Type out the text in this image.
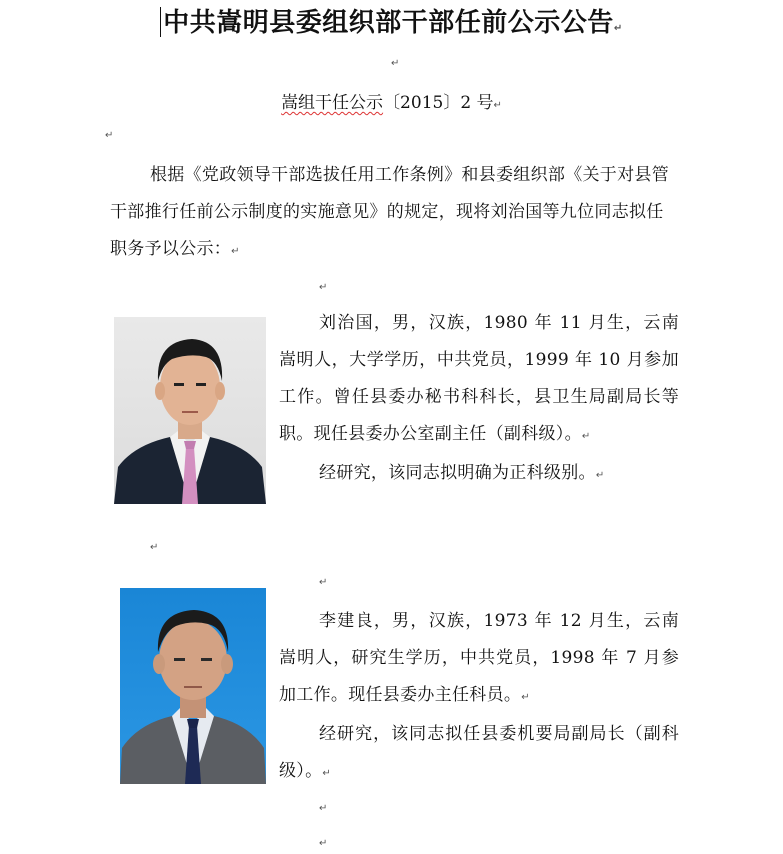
中共嵩明县委组织部干部任前公示公告↵
↵
嵩组干任公示〔2015〕2 号↵
↵
根据《党政领导干部选拔任用工作条例》和县委组织部《关于对县管干部推行任前公示制度的实施意见》的规定，现将刘治国等九位同志拟任职务予以公示：↵
↵

刘治国，男，汉族，1980 年 11 月生，云南嵩明人，大学学历，中共党员，1999 年 10 月参加工作。曾任县委办秘书科科长，县卫生局副局长等职。现任县委办公室副主任（副科级）。↵

经研究，该同志拟明确为正科级别。↵

↵
↵

李建良，男，汉族，1973 年 12 月生，云南嵩明人，研究生学历，中共党员，1998 年 7 月参加工作。现任县委办主任科员。↵

经研究，该同志拟任县委机要局副局长（副科级）。↵

↵
↵
